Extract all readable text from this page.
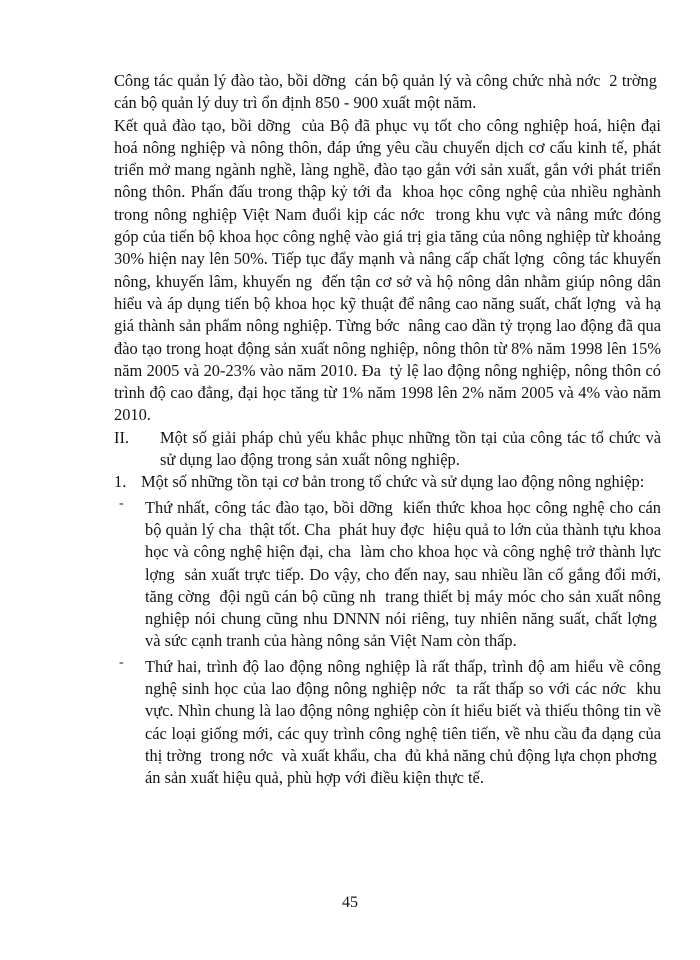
Công tác quản lý đào tào, bồi dỡng  cán bộ quản lý và công chức nhà nớc  2 trờng  cán bộ quản lý duy trì ổn định 850 - 900 xuất một năm.

Kết quả đào tạo, bồi dỡng  của Bộ đã phục vụ tốt cho công nghiệp hoá, hiện đại hoá nông nghiệp và nông thôn, đáp ứng yêu cầu chuyển dịch cơ cấu kinh tế, phát triển mở mang ngành nghề, làng nghề, đào tạo gắn với sản xuất, gắn với phát triển nông thôn. Phấn đấu trong thập kỷ tới đa  khoa học công nghệ của nhiều nghành trong nông nghiệp Việt Nam đuổi kịp các nớc  trong khu vực và nâng mức đóng góp của tiến bộ khoa học công nghệ vào giá trị gia tăng của nông nghiệp từ khoảng 30% hiện nay lên 50%. Tiếp tục đẩy mạnh và nâng cấp chất lợng  công tác khuyến nông, khuyến lâm, khuyến ng  đến tận cơ sở và hộ nông dân nhằm giúp nông dân hiểu và áp dụng tiến bộ khoa học kỹ thuật để nâng cao năng suất, chất lợng  và hạ giá thành sản phẩm nông nghiệp. Từng bớc  nâng cao dần tỷ trọng lao động đã qua đào tạo trong hoạt động sản xuất nông nghiệp, nông thôn từ 8% năm 1998 lên 15% năm 2005 và 20-23% vào năm 2010. Đa  tỷ lệ lao động nông nghiệp, nông thôn có trình độ cao đẳng, đại học tăng từ 1% năm 1998 lên 2% năm 2005 và 4% vào năm 2010.

II.	Một số giải pháp chủ yếu khắc phục những tồn tại của công tác tổ chức và sử dụng lao động trong sản xuất nông nghiệp.
1. Một số những tồn tại cơ bản trong tổ chức và sử dụng lao động nông nghiệp:
-	Thứ nhất, công tác đào tạo, bồi dỡng  kiến thức khoa học công nghệ cho cán bộ quản lý cha  thật tốt. Cha  phát huy đợc  hiệu quả to lớn của thành tựu khoa học và công nghệ hiện đại, cha  làm cho khoa học và công nghệ trở thành lực lợng  sản xuất trực tiếp. Do vậy, cho đến nay, sau nhiều lần cố gắng đổi mới, tăng cờng  đội ngũ cán bộ cũng nh  trang thiết bị máy móc cho sản xuất nông nghiệp nói chung cũng nhu DNNN nói riêng, tuy nhiên năng suất, chất lợng  và sức cạnh tranh của hàng nông sản Việt Nam còn thấp.
-	Thứ hai, trình độ lao động nông nghiệp là rất thấp, trình độ am hiểu về công nghệ sinh học của lao động nông nghiệp nớc  ta rất thấp so với các nớc  khu vực. Nhìn chung là lao động nông nghiệp còn ít hiểu biết và thiếu thông tin về các loại giống mới, các quy trình công nghệ tiên tiến, về nhu cầu đa dạng của thị trờng  trong nớc  và xuất khẩu, cha  đủ khả năng chủ động lựa chọn phơng  án sản xuất hiệu quả, phù hợp với điều kiện thực tế.
45
